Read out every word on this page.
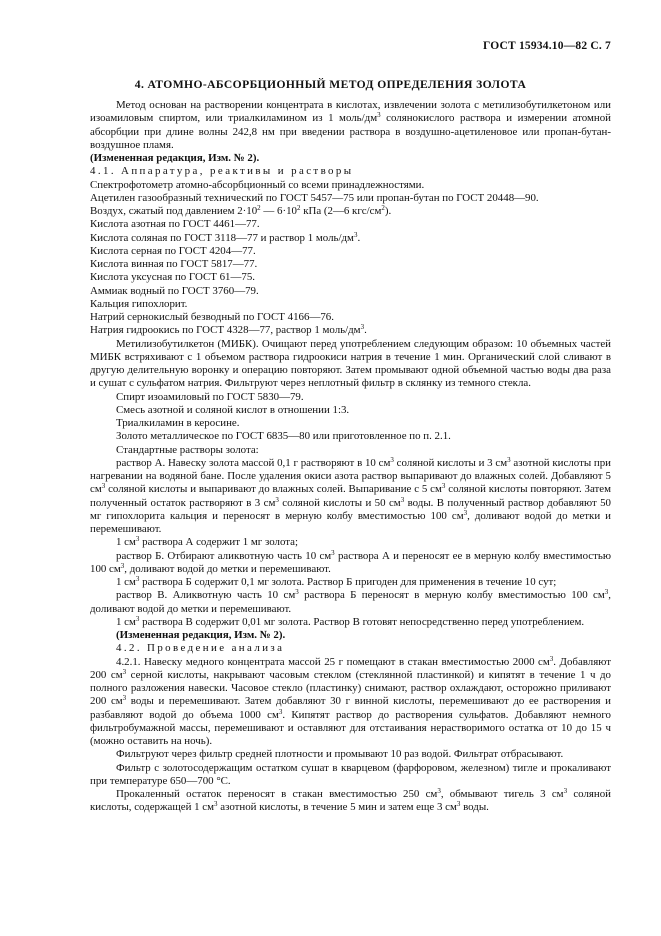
ГОСТ 15934.10—82 С. 7
4. АТОМНО-АБСОРБЦИОННЫЙ МЕТОД ОПРЕДЕЛЕНИЯ ЗОЛОТА

Метод основан на растворении концентрата в кислотах, извлечении золота с метилизобутилкетоном или изоамиловым спиртом, или триалкиламином из 1 моль/$дм^3$ солянокислого раствора и измерении атомной абсорбции при длине волны 242,8 нм при введении раствора в воздушно-ацетиленовое или пропан-бутан-воздушное пламя.

(Измененная редакция, Изм. № 2).

4.1. Аппаратура, реактивы и растворы

Спектрофотометр атомно-абсорбционный со всеми принадлежностями.

Ацетилен газообразный технический по ГОСТ 5457—75 или пропан-бутан по ГОСТ 20448—90.

Воздух, сжатый под давлением $2\cdot 10^2$ — $6\cdot 10^2$ кПа (2—6 кгс/$см^2$).

Кислота азотная по ГОСТ 4461—77.

Кислота соляная по ГОСТ 3118—77 и раствор 1 моль/$дм^3$.

Кислота серная по ГОСТ 4204—77.

Кислота винная по ГОСТ 5817—77.

Кислота уксусная по ГОСТ 61—75.

Аммиак водный по ГОСТ 3760—79.

Кальция гипохлорит.

Натрий сернокислый безводный по ГОСТ 4166—76.

Натрия гидроокись по ГОСТ 4328—77, раствор 1 моль/$дм^3$.

Метилизобутилкетон (МИБК). Очищают перед употреблением следующим образом: 10 объемных частей МИБК встряхивают с 1 объемом раствора гидроокиси натрия в течение 1 мин. Органический слой сливают в другую делительную воронку и операцию повторяют. Затем промывают одной объемной частью воды два раза и сушат с сульфатом натрия. Фильтруют через неплотный фильтр в склянку из темного стекла.

Спирт изоамиловый по ГОСТ 5830—79.

Смесь азотной и соляной кислот в отношении 1:3.

Триалкиламин в керосине.

Золото металлическое по ГОСТ 6835—80 или приготовленное по п. 2.1.

Стандартные растворы золота:

раствор А. Навеску золота массой 0,1 г растворяют в 10 $см^3$ соляной кислоты и 3 $см^3$ азотной кислоты при нагревании на водяной бане. После удаления окиси азота раствор выпаривают до влажных солей. Добавляют 5 $см^3$ соляной кислоты и выпаривают до влажных солей. Выпаривание с 5 $см^3$ соляной кислоты повторяют. Затем полученный остаток растворяют в 3 $см^3$ соляной кислоты и 50 $см^3$ воды. В полученный раствор добавляют 50 мг гипохлорита кальция и переносят в мерную колбу вместимостью 100 $см^3$, доливают водой до метки и перемешивают.

1 $см^3$ раствора А содержит 1 мг золота;

раствор Б. Отбирают аликвотную часть 10 $см^3$ раствора А и переносят ее в мерную колбу вместимостью 100 $см^3$, доливают водой до метки и перемешивают.

1 $см^3$ раствора Б содержит 0,1 мг золота. Раствор Б пригоден для применения в течение 10 сут;

раствор В. Аликвотную часть 10 $см^3$ раствора Б переносят в мерную колбу вместимостью 100 $см^3$, доливают водой до метки и перемешивают.

1 $см^3$ раствора В содержит 0,01 мг золота. Раствор В готовят непосредственно перед употреблением.

(Измененная редакция, Изм. № 2).

4.2. Проведение анализа

4.2.1. Навеску медного концентрата массой 25 г помещают в стакан вместимостью 2000 $см^3$. Добавляют 200 $см^3$ серной кислоты, накрывают часовым стеклом (стеклянной пластинкой) и кипятят в течение 1 ч до полного разложения навески. Часовое стекло (пластинку) снимают, раствор охлаждают, осторожно приливают 200 $см^3$ воды и перемешивают. Затем добавляют 30 г винной кислоты, перемешивают до ее растворения и разбавляют водой до объема 1000 $см^3$. Кипятят раствор до растворения сульфатов. Добавляют немного фильтробумажной массы, перемешивают и оставляют для отстаивания нерастворимого остатка от 10 до 15 ч (можно оставить на ночь).

Фильтруют через фильтр средней плотности и промывают 10 раз водой. Фильтрат отбрасывают.

Фильтр с золотосодержащим остатком сушат в кварцевом (фарфоровом, железном) тигле и прокаливают при температуре 650—700 °С.

Прокаленный остаток переносят в стакан вместимостью 250 $см^3$, обмывают тигель 3 $см^3$ соляной кислоты, содержащей 1 $см^3$ азотной кислоты, в течение 5 мин и затем еще 3 $см^3$ воды.
